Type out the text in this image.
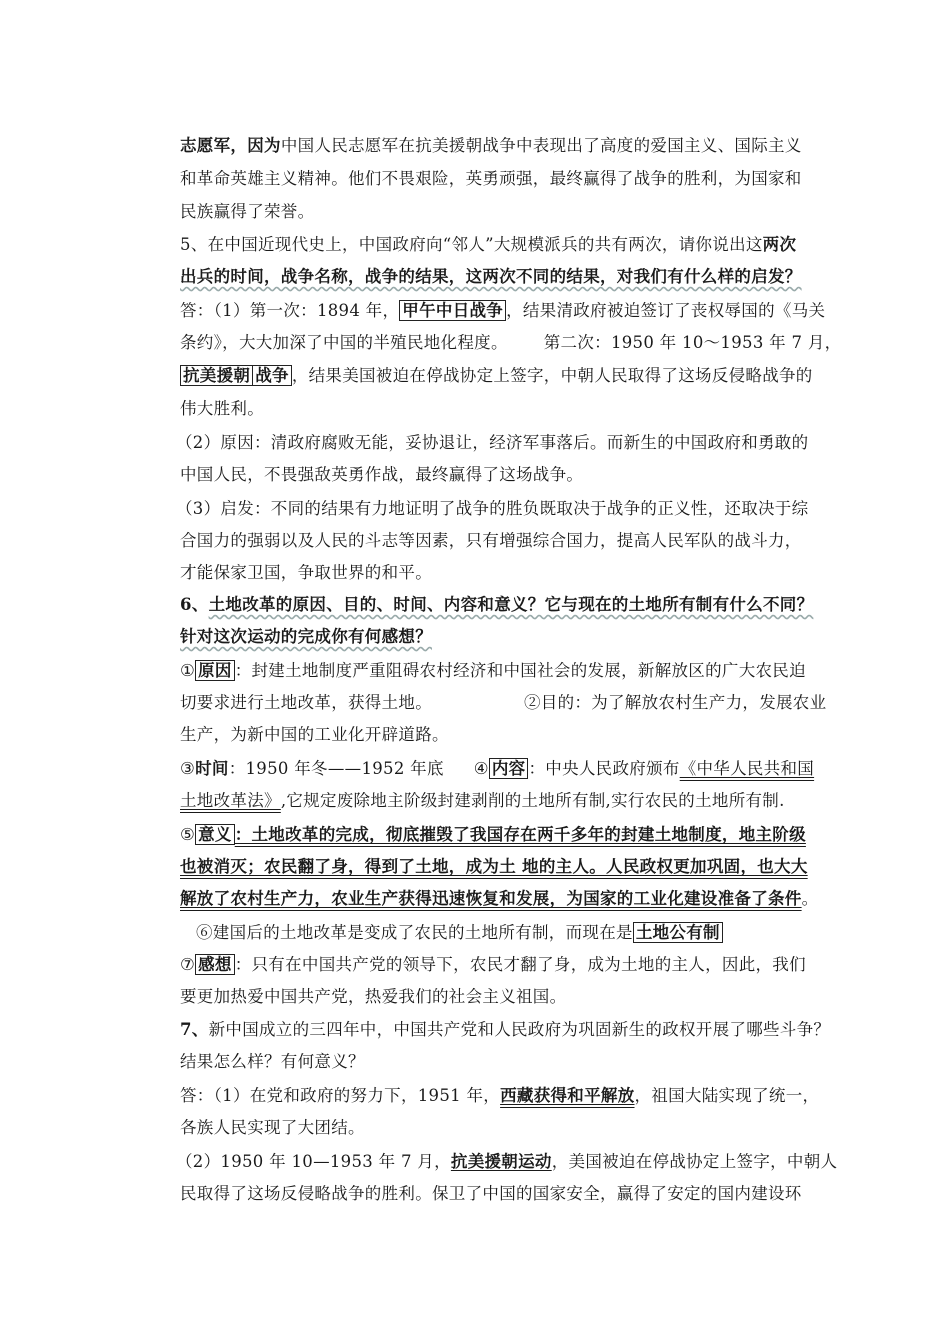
志愿军，因为中国人民志愿军在抗美援朝战争中表现出了高度的爱国主义、国际主义
和革命英雄主义精神。他们不畏艰险，英勇顽强，最终赢得了战争的胜利，为国家和
民族赢得了荣誉。
5、在中国近现代史上，中国政府向“邻人”大规模派兵的共有两次，请你说出这两次
出兵的时间，战争名称，战争的结果，这两次不同的结果，对我们有什么样的启发？
答：（1）第一次：1894 年， 甲午中日战争 ，结果清政府被迫签订了丧权辱国的《马关
条约》，大大加深了中国的半殖民地化程度。 第二次：1950 年 10～1953 年 7 月，
抗美援朝 战争 ，结果美国被迫在停战协定上签字，中朝人民取得了这场反侵略战争的
伟大胜利。
（2）原因：清政府腐败无能，妥协退让，经济军事落后。而新生的中国政府和勇敢的
中国人民，不畏强敌英勇作战，最终赢得了这场战争。
（3）启发：不同的结果有力地证明了战争的胜负既取决于战争的正义性，还取决于综
合国力的强弱以及人民的斗志等因素，只有增强综合国力，提高人民军队的战斗力，
才能保家卫国，争取世界的和平。
6、土地改革的原因、目的、时间、内容和意义？它与现在的土地所有制有什么不同？
针对这次运动的完成你有何感想？
① 原因 ：封建土地制度严重阻碍农村经济和中国社会的发展，新解放区的广大农民迫
切要求进行土地改革，获得土地。	②目的：为了解放农村生产力，发展农业
生产，为新中国的工业化开辟道路。
③时间：1950 年冬——1952 年底 ④ 内容 ：中央人民政府颁布《中华人民共和国
土地改革法》,它规定废除地主阶级封建剥削的土地所有制,实行农民的土地所有制.
⑤ 意义 ：土地改革的完成，彻底摧毁了我国存在两千多年的封建土地制度，地主阶级
也被消灭；农民翻了身，得到了土地，成为土 地的主人。人民政权更加巩固，也大大
解放了农村生产力，农业生产获得迅速恢复和发展，为国家的工业化建设准备了条件。
⑥建国后的土地改革是变成了农民的土地所有制，而现在是 土地公有制
⑦ 感想 ：只有在中国共产党的领导下，农民才翻了身，成为土地的主人，因此，我们
要更加热爱中国共产党，热爱我们的社会主义祖国。
7、新中国成立的三四年中，中国共产党和人民政府为巩固新生的政权开展了哪些斗争？
结果怎么样？有何意义？
答：（1）在党和政府的努力下，1951 年，西藏获得和平解放，祖国大陆实现了统一，
各族人民实现了大团结。
（2）1950 年 10—1953 年 7 月，抗美援朝运动，美国被迫在停战协定上签字，中朝人
民取得了这场反侵略战争的胜利。保卫了中国的国家安全，赢得了安定的国内建设环
